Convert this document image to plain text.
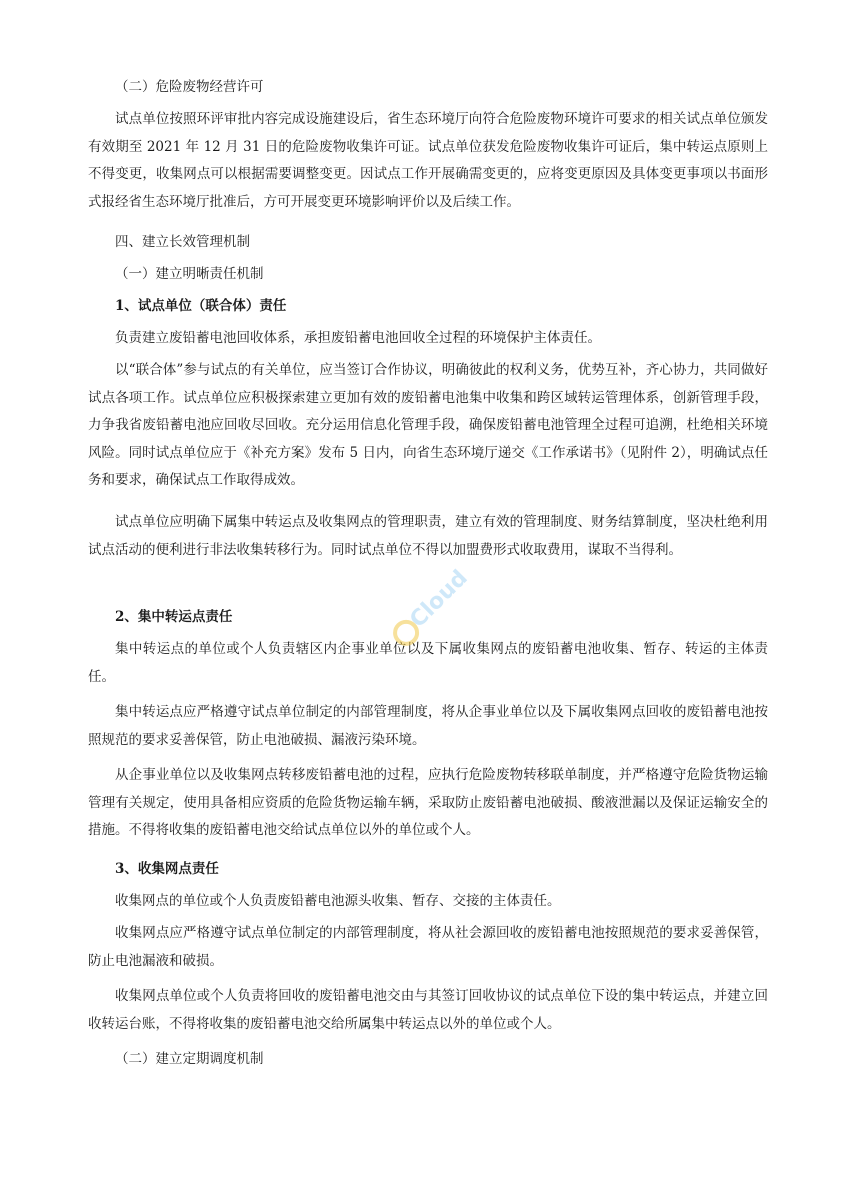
（二）危险废物经营许可

试点单位按照环评审批内容完成设施建设后，省生态环境厅向符合危险废物环境许可要求的相关试点单位颁发有效期至 2021 年 12 月 31 日的危险废物收集许可证。试点单位获发危险废物收集许可证后，集中转运点原则上不得变更，收集网点可以根据需要调整变更。因试点工作开展确需变更的，应将变更原因及具体变更事项以书面形式报经省生态环境厅批准后，方可开展变更环境影响评价以及后续工作。

四、建立长效管理机制

（一）建立明晰责任机制

1、试点单位（联合体）责任

负责建立废铅蓄电池回收体系，承担废铅蓄电池回收全过程的环境保护主体责任。

以“联合体”参与试点的有关单位，应当签订合作协议，明确彼此的权利义务，优势互补，齐心协力，共同做好试点各项工作。试点单位应积极探索建立更加有效的废铅蓄电池集中收集和跨区域转运管理体系，创新管理手段，力争我省废铅蓄电池应回收尽回收。充分运用信息化管理手段，确保废铅蓄电池管理全过程可追溯，杜绝相关环境风险。同时试点单位应于《补充方案》发布 5 日内，向省生态环境厅递交《工作承诺书》（见附件 2），明确试点任务和要求，确保试点工作取得成效。

试点单位应明确下属集中转运点及收集网点的管理职责，建立有效的管理制度、财务结算制度，坚决杜绝利用试点活动的便利进行非法收集转移行为。同时试点单位不得以加盟费形式收取费用，谋取不当得利。

2、集中转运点责任

集中转运点的单位或个人负责辖区内企事业单位以及下属收集网点的废铅蓄电池收集、暂存、转运的主体责任。

集中转运点应严格遵守试点单位制定的内部管理制度，将从企事业单位以及下属收集网点回收的废铅蓄电池按照规范的要求妥善保管，防止电池破损、漏液污染环境。

从企事业单位以及收集网点转移废铅蓄电池的过程，应执行危险废物转移联单制度，并严格遵守危险货物运输管理有关规定，使用具备相应资质的危险货物运输车辆，采取防止废铅蓄电池破损、酸液泄漏以及保证运输安全的措施。不得将收集的废铅蓄电池交给试点单位以外的单位或个人。

3、收集网点责任

收集网点的单位或个人负责废铅蓄电池源头收集、暂存、交接的主体责任。

收集网点应严格遵守试点单位制定的内部管理制度，将从社会源回收的废铅蓄电池按照规范的要求妥善保管，防止电池漏液和破损。

收集网点单位或个人负责将回收的废铅蓄电池交由与其签订回收协议的试点单位下设的集中转运点，并建立回收转运台账，不得将收集的废铅蓄电池交给所属集中转运点以外的单位或个人。

（二）建立定期调度机制

Cloud
